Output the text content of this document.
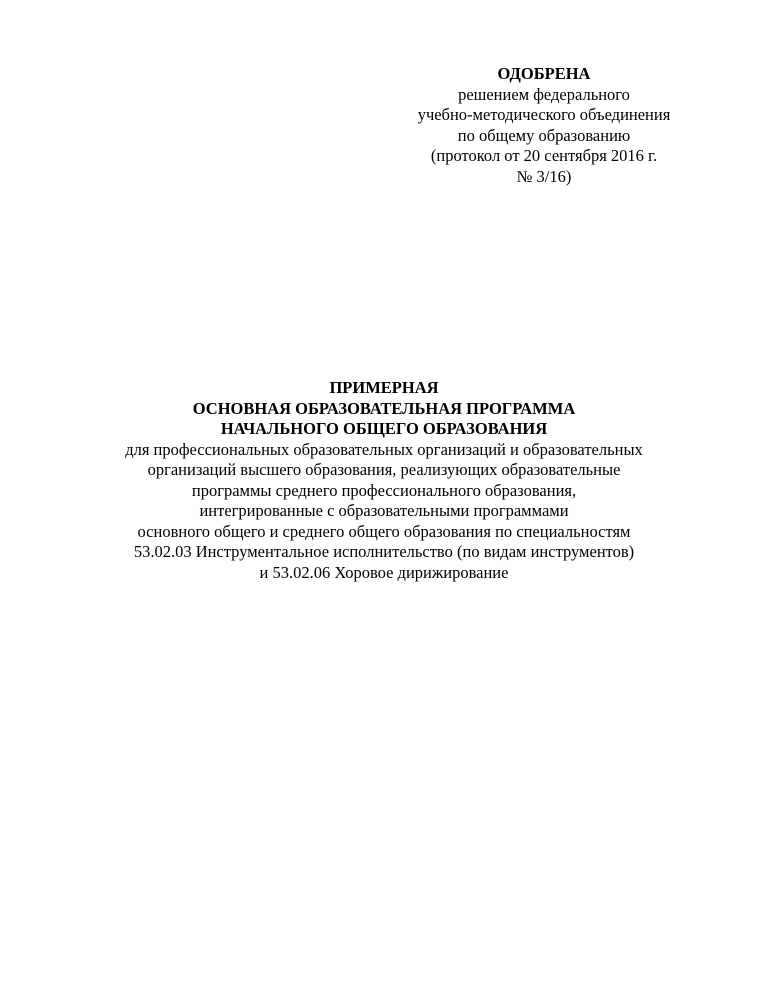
ОДОБРЕНА
решением федерального
учебно-методического объединения
по общему образованию
(протокол от 20 сентября 2016 г.
№ 3/16)
ПРИМЕРНАЯ
ОСНОВНАЯ ОБРАЗОВАТЕЛЬНАЯ ПРОГРАММА
НАЧАЛЬНОГО ОБЩЕГО ОБРАЗОВАНИЯ
для профессиональных образовательных организаций и образовательных
организаций высшего образования, реализующих образовательные
программы среднего профессионального образования,
интегрированные с образовательными программами
основного общего и среднего общего образования по специальностям
53.02.03 Инструментальное исполнительство (по видам инструментов)
и 53.02.06 Хоровое дирижирование
